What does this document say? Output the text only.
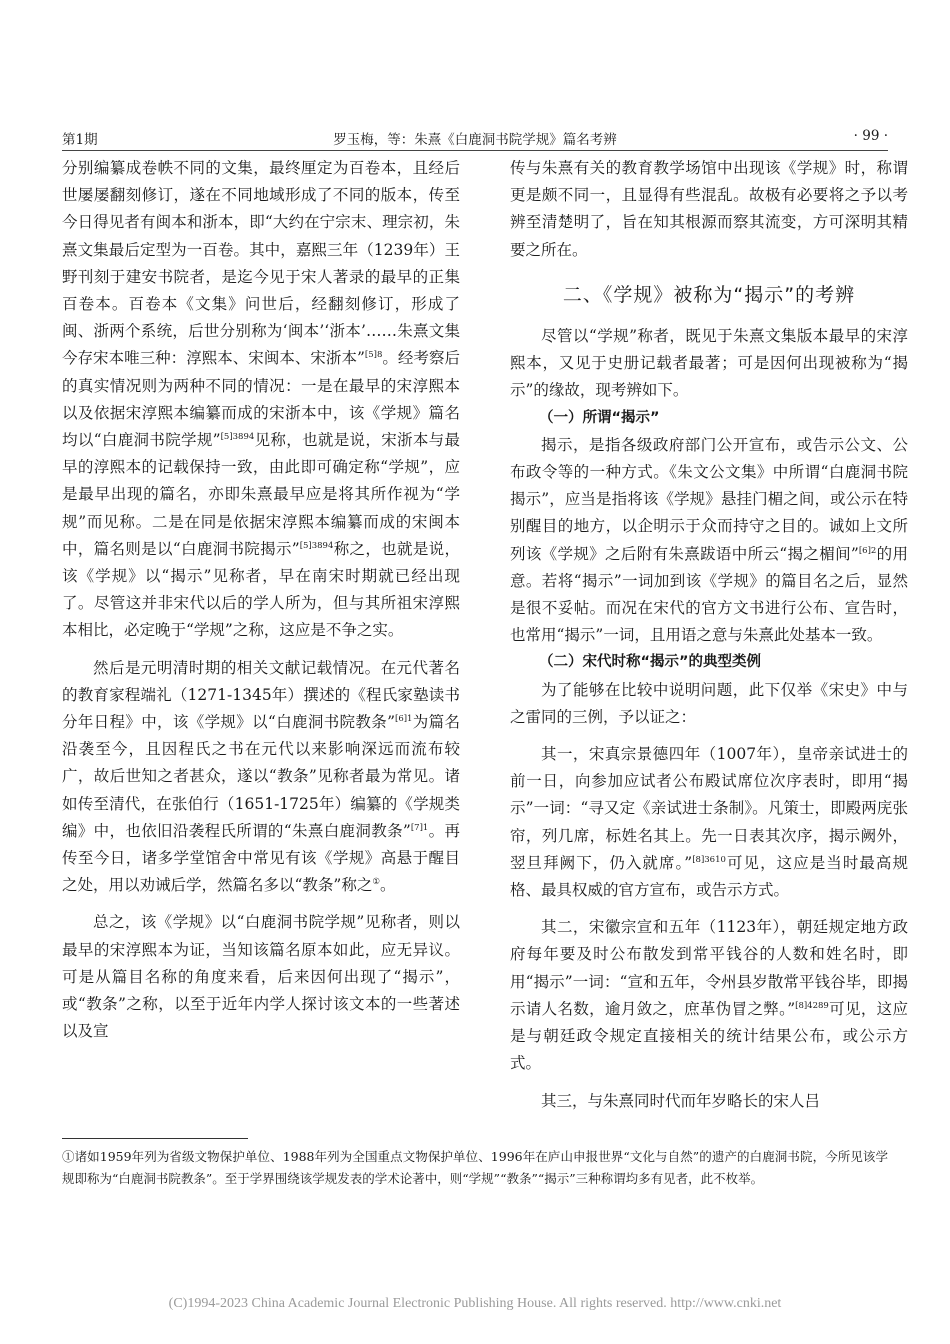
第1期	罗玉梅，等：朱熹《白鹿洞书院学规》篇名考辨	· 99 ·

分别编纂成卷帙不同的文集，最终厘定为百卷本，且经后世屡屡翻刻修订，遂在不同地域形成了不同的版本，传至今日得见者有闽本和浙本，即“大约在宁宗末、理宗初，朱熹文集最后定型为一百卷。其中，嘉熙三年（1239年）王野刊刻于建安书院者，是迄今见于宋人著录的最早的正集百卷本。百卷本《文集》问世后，经翻刻修订，形成了闽、浙两个系统，后世分别称为‘闽本’‘浙本’……朱熹文集今存宋本唯三种：淳熙本、宋闽本、宋浙本”$^{[5]8}$。经考察后的真实情况则为两种不同的情况：一是在最早的宋淳熙本以及依据宋淳熙本编纂而成的宋浙本中，该《学规》篇名均以“白鹿洞书院学规”$^{[5]3894}$见称，也就是说，宋浙本与最早的淳熙本的记载保持一致，由此即可确定称“学规”，应是最早出现的篇名，亦即朱熹最早应是将其所作视为“学规”而见称。二是在同是依据宋淳熙本编纂而成的宋闽本中，篇名则是以“白鹿洞书院揭示”$^{[5]3894}$称之，也就是说，该《学规》以“揭示”见称者，早在南宋时期就已经出现了。尽管这并非宋代以后的学人所为，但与其所祖宋淳熙本相比，必定晚于“学规”之称，这应是不争之实。

然后是元明清时期的相关文献记载情况。在元代著名的教育家程端礼（1271-1345年）撰述的《程氏家塾读书分年日程》中，该《学规》以“白鹿洞书院教条”$^{[6]1}$为篇名沿袭至今，且因程氏之书在元代以来影响深远而流布较广，故后世知之者甚众，遂以“教条”见称者最为常见。诸如传至清代，在张伯行（1651-1725年）编纂的《学规类编》中，也依旧沿袭程氏所谓的“朱熹白鹿洞教条”$^{[7]1}$。再传至今日，诸多学堂馆舍中常见有该《学规》高悬于醒目之处，用以劝诫后学，然篇名多以“教条”称之①。

总之，该《学规》以“白鹿洞书院学规”见称者，则以最早的宋淳熙本为证，当知该篇名原本如此，应无异议。可是从篇目名称的角度来看，后来因何出现了“揭示”，或“教条”之称，以至于近年内学人探讨该文本的一些著述以及宣

传与朱熹有关的教育教学场馆中出现该《学规》时，称谓更是颇不同一，且显得有些混乱。故极有必要将之予以考辨至清楚明了，旨在知其根源而察其流变，方可深明其精要之所在。

二、《学规》被称为“揭示”的考辨

尽管以“学规”称者，既见于朱熹文集版本最早的宋淳熙本，又见于史册记载者最著；可是因何出现被称为“揭示”的缘故，现考辨如下。

（一）所谓“揭示”

揭示，是指各级政府部门公开宣布，或告示公文、公布政令等的一种方式。《朱文公文集》中所谓“白鹿洞书院揭示”，应当是指将该《学规》悬挂门楣之间，或公示在特别醒目的地方，以企明示于众而持守之目的。诚如上文所列该《学规》之后附有朱熹跋语中所云“揭之楣间”$^{[6]2}$的用意。若将“揭示”一词加到该《学规》的篇目名之后，显然是很不妥帖。而况在宋代的官方文书进行公布、宣告时，也常用“揭示”一词，且用语之意与朱熹此处基本一致。

（二）宋代时称“揭示”的典型类例

为了能够在比较中说明问题，此下仅举《宋史》中与之雷同的三例，予以证之：

其一，宋真宗景德四年（1007年），皇帝亲试进士的前一日，向参加应试者公布殿试席位次序表时，即用“揭示”一词：“寻又定《亲试进士条制》。凡策士，即殿两庑张帘，列几席，标姓名其上。先一日表其次序，揭示阙外，翌旦拜阙下，仍入就席。”$^{[8]3610}$可见，这应是当时最高规格、最具权威的官方宣布，或告示方式。

其二，宋徽宗宣和五年（1123年），朝廷规定地方政府每年要及时公布散发到常平钱谷的人数和姓名时，即用“揭示”一词：“宣和五年，令州县岁散常平钱谷毕，即揭示请人名数，逾月敛之，庶革伪冒之弊。”$^{[8]4289}$可见，这应是与朝廷政令规定直接相关的统计结果公布，或公示方式。

其三，与朱熹同时代而年岁略长的宋人吕

①诸如1959年列为省级文物保护单位、1988年列为全国重点文物保护单位、1996年在庐山申报世界“文化与自然”的遗产的白鹿洞书院，今所见该学规即称为“白鹿洞书院教条”。至于学界围绕该学规发表的学术论著中，则“学规”“教条”“揭示”三种称谓均多有见者，此不枚举。
(C)1994-2023 China Academic Journal Electronic Publishing House. All rights reserved. http://www.cnki.net
